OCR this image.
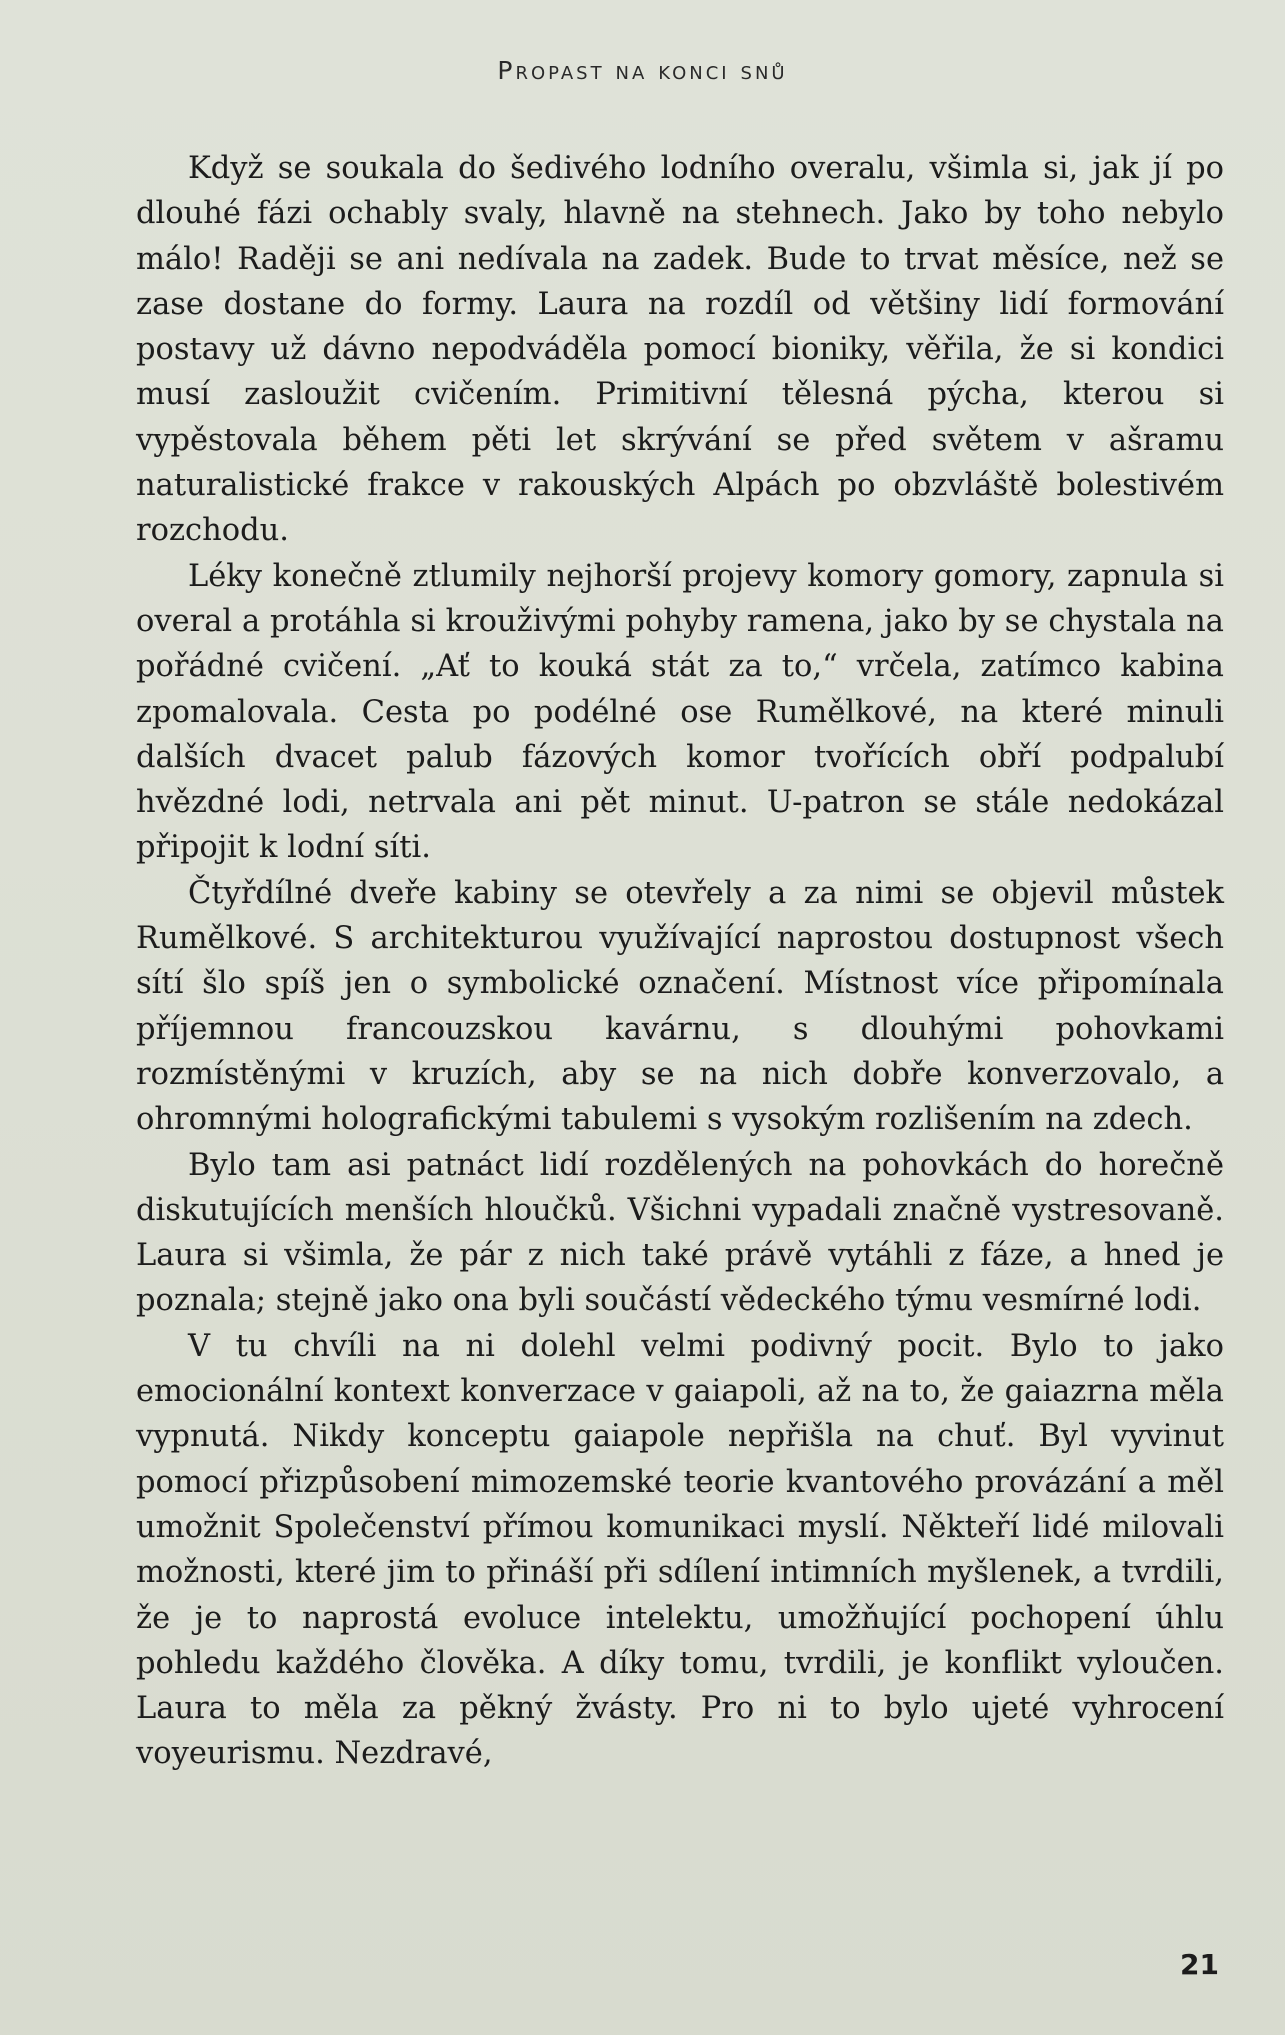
Propast na konci snů

Když se soukala do šedivého lodního overalu, všimla si, jak jí po dlouhé fázi ochably svaly, hlavně na stehnech. Jako by toho nebylo málo! Raději se ani nedívala na zadek. Bude to trvat měsíce, než se zase dostane do formy. Laura na rozdíl od většiny lidí formování postavy už dávno nepodváděla pomocí bioniky, věřila, že si kondici musí zasloužit cvičením. Primitivní tělesná pýcha, kterou si vypěstovala během pěti let skrývání se před světem v ašramu naturalistické frakce v rakouských Alpách po obzvláště bolestivém rozchodu.

Léky konečně ztlumily nejhorší projevy komory gomory, zapnula si overal a protáhla si krouživými pohyby ramena, jako by se chystala na pořádné cvičení. „Ať to kouká stát za to,“ vrčela, zatímco kabina zpomalovala. Cesta po podélné ose Rumělkové, na které minuli dalších dvacet palub fázových komor tvořících obří podpalubí hvězdné lodi, netrvala ani pět minut. U-patron se stále nedokázal připojit k lodní síti.

Čtyřdílné dveře kabiny se otevřely a za nimi se objevil můstek Rumělkové. S architekturou využívající naprostou dostupnost všech sítí šlo spíš jen o symbolické označení. Místnost více připomínala příjemnou francouzskou kavárnu, s dlouhými pohovkami rozmístěnými v kruzích, aby se na nich dobře konverzovalo, a ohromnými holografickými tabulemi s vysokým rozlišením na zdech.

Bylo tam asi patnáct lidí rozdělených na pohovkách do horečně diskutujících menších hloučků. Všichni vypadali značně vystresovaně. Laura si všimla, že pár z nich také právě vytáhli z fáze, a hned je poznala; stejně jako ona byli součástí vědeckého týmu vesmírné lodi.

V tu chvíli na ni dolehl velmi podivný pocit. Bylo to jako emocionální kontext konverzace v gaiapoli, až na to, že gaiazrna měla vypnutá. Nikdy konceptu gaiapole nepřišla na chuť. Byl vyvinut pomocí přizpůsobení mimozemské teorie kvantového provázání a měl umožnit Společenství přímou komunikaci myslí. Někteří lidé milovali možnosti, které jim to přináší při sdílení intimních myšlenek, a tvrdili, že je to naprostá evoluce intelektu, umožňující pochopení úhlu pohledu každého člověka. A díky tomu, tvrdili, je konflikt vyloučen. Laura to měla za pěkný žvásty. Pro ni to bylo ujeté vyhrocení voyeurismu. Nezdravé,

21
